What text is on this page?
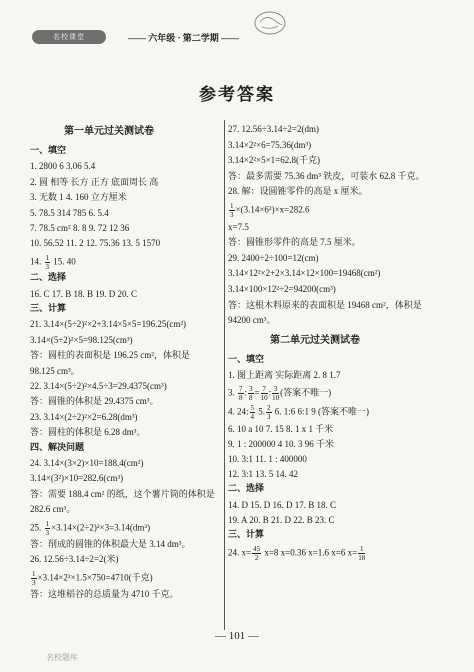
名校课堂	—— 六年级 · 第二学期 ——
参考答案
第一单元过关测试卷
一、填空
1. 2800 6 3.06 5.4
2. 圆 相等 长方 正方 底面周长 高
3. 无数 1 4. 160 立方厘米
5. 78.5 314 785 6. 5.4
7. 78.5 cm² 8. 8 9. 72 12 36
10. 56.52 11. 2 12. 75.36 13. 5 1570
14. $\frac{1}{3} 15$. 40
二、选择
16. C 17. B 18. B 19. D 20. C
三、计算
21. 3.14×(5÷2)²×2+3.14×5×5=196.25(cm²)
3.14×(5÷2)²×5=98.125(cm³)
答：圆柱的表面积是 196.25 cm²，体积是
98.125 cm³。
22. 3.14×(5÷2)²×4.5÷3=29.4375(cm³)
答：圆锥的体积是 29.4375 cm³。
23. 3.14×(2÷2)²×2=6.28(dm³)
答：圆柱的体积是 6.28 dm³。
四、解决问题
24. 3.14×(3×2)×10=188.4(cm²)
3.14×(3²)×10=282.6(cm³)
答：需要 188.4 cm² 的纸，这个薯片筒的体积是
282.6 cm³。
25. $\frac{1}{3} \times 3.14\times(2\div 2)^2\times 3=3.14(dm^3)$
答：削成的圆锥的体积最大是 3.14 dm³。
26. 12.56÷3.14÷2=2(米)
$\frac{1}{3} \times 3.14\times 2^2\times 1.5\times 750=4710$(千克)
答：这堆稻谷的总质量为 4710 千克。
第二单元过关测试卷
27. 12.56÷3.14÷2=2(dm)
3.14×2²×6=75.36(dm³)
3.14×2²×5×1=62.8(千克)
答：最多需要 75.36 dm³ 铁皮，可装水 62.8 千克。
28. 解：设圆锥零件的高是 x 厘米。
$\frac{1}{3} \times(3.14\times 6^2)\times x=282.6$
x=7.5
答：圆锥形零件的高是 7.5 厘米。
29. 2400÷2÷100=12(cm)
3.14×12²×2+2×3.14×12×100=19468(cm²)
3.14×100×12²÷2=94200(cm³)
答：这根木料原来的表面积是 19468 cm²，体积是
94200 cm³。
一、填空
1. 图上距离 实际距离 2. 8 1.7
3. $\frac{7}{8}$ : $\frac{3}{8} = \frac{7}{10}$ : $\frac{3}{10}$ (答案不唯一)
4. 24: $\frac{5}{4} 5$. $\frac{2}{3} 6$. 1:6 6:1 9 (答案不唯一)
6. 10 a 10 7. 15 8. 1 x 1 千米
9. 1 : 200000 4 10. 3 96 千米
10. 3:1 11. 1 : 400000
12. 3:1 13. 5 14. 42
二、选择
14. D 15. D 16. D 17. B 18. C
19. A 20. B 21. D 22. B 23. C
三、计算
24. $x= \frac{45}{2} x=8$ x=0.36 x=1.6 x=6 $x= \frac{1}{18}$
— 101 —
名校题库
